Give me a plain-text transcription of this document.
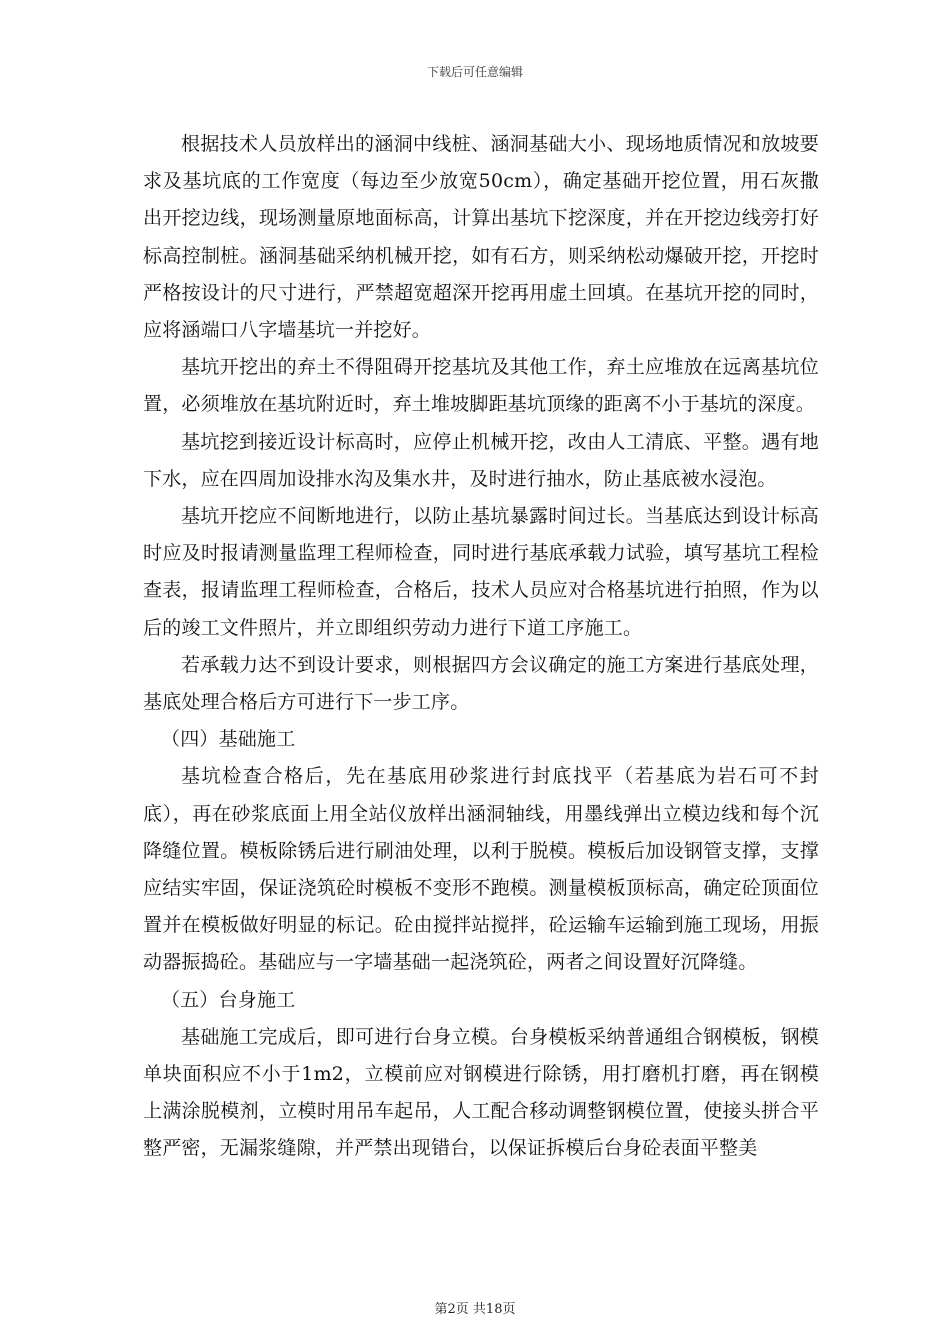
下载后可任意编辑

根据技术人员放样出的涵洞中线桩、涵洞基础大小、现场地质情况和放坡要求及基坑底的工作宽度（每边至少放宽50cm），确定基础开挖位置，用石灰撒出开挖边线，现场测量原地面标高，计算出基坑下挖深度，并在开挖边线旁打好标高控制桩。涵洞基础采纳机械开挖，如有石方，则采纳松动爆破开挖，开挖时严格按设计的尺寸进行，严禁超宽超深开挖再用虚土回填。在基坑开挖的同时，应将涵端口八字墙基坑一并挖好。

基坑开挖出的弃土不得阻碍开挖基坑及其他工作，弃土应堆放在远离基坑位置，必须堆放在基坑附近时，弃土堆坡脚距基坑顶缘的距离不小于基坑的深度。

基坑挖到接近设计标高时，应停止机械开挖，改由人工清底、平整。遇有地下水，应在四周加设排水沟及集水井，及时进行抽水，防止基底被水浸泡。

基坑开挖应不间断地进行，以防止基坑暴露时间过长。当基底达到设计标高时应及时报请测量监理工程师检查，同时进行基底承载力试验，填写基坑工程检查表，报请监理工程师检查，合格后，技术人员应对合格基坑进行拍照，作为以后的竣工文件照片，并立即组织劳动力进行下道工序施工。

若承载力达不到设计要求，则根据四方会议确定的施工方案进行基底处理，基底处理合格后方可进行下一步工序。

（四）基础施工

基坑检查合格后，先在基底用砂浆进行封底找平（若基底为岩石可不封底），再在砂浆底面上用全站仪放样出涵洞轴线，用墨线弹出立模边线和每个沉降缝位置。模板除锈后进行刷油处理，以利于脱模。模板后加设钢管支撑，支撑应结实牢固，保证浇筑砼时模板不变形不跑模。测量模板顶标高，确定砼顶面位置并在模板做好明显的标记。砼由搅拌站搅拌，砼运输车运输到施工现场，用振动器振捣砼。基础应与一字墙基础一起浇筑砼，两者之间设置好沉降缝。

（五）台身施工

基础施工完成后，即可进行台身立模。台身模板采纳普通组合钢模板，钢模单块面积应不小于1m2，立模前应对钢模进行除锈，用打磨机打磨，再在钢模上满涂脱模剂，立模时用吊车起吊，人工配合移动调整钢模位置，使接头拼合平整严密，无漏浆缝隙，并严禁出现错台，以保证拆模后台身砼表面平整美

第2页 共18页
